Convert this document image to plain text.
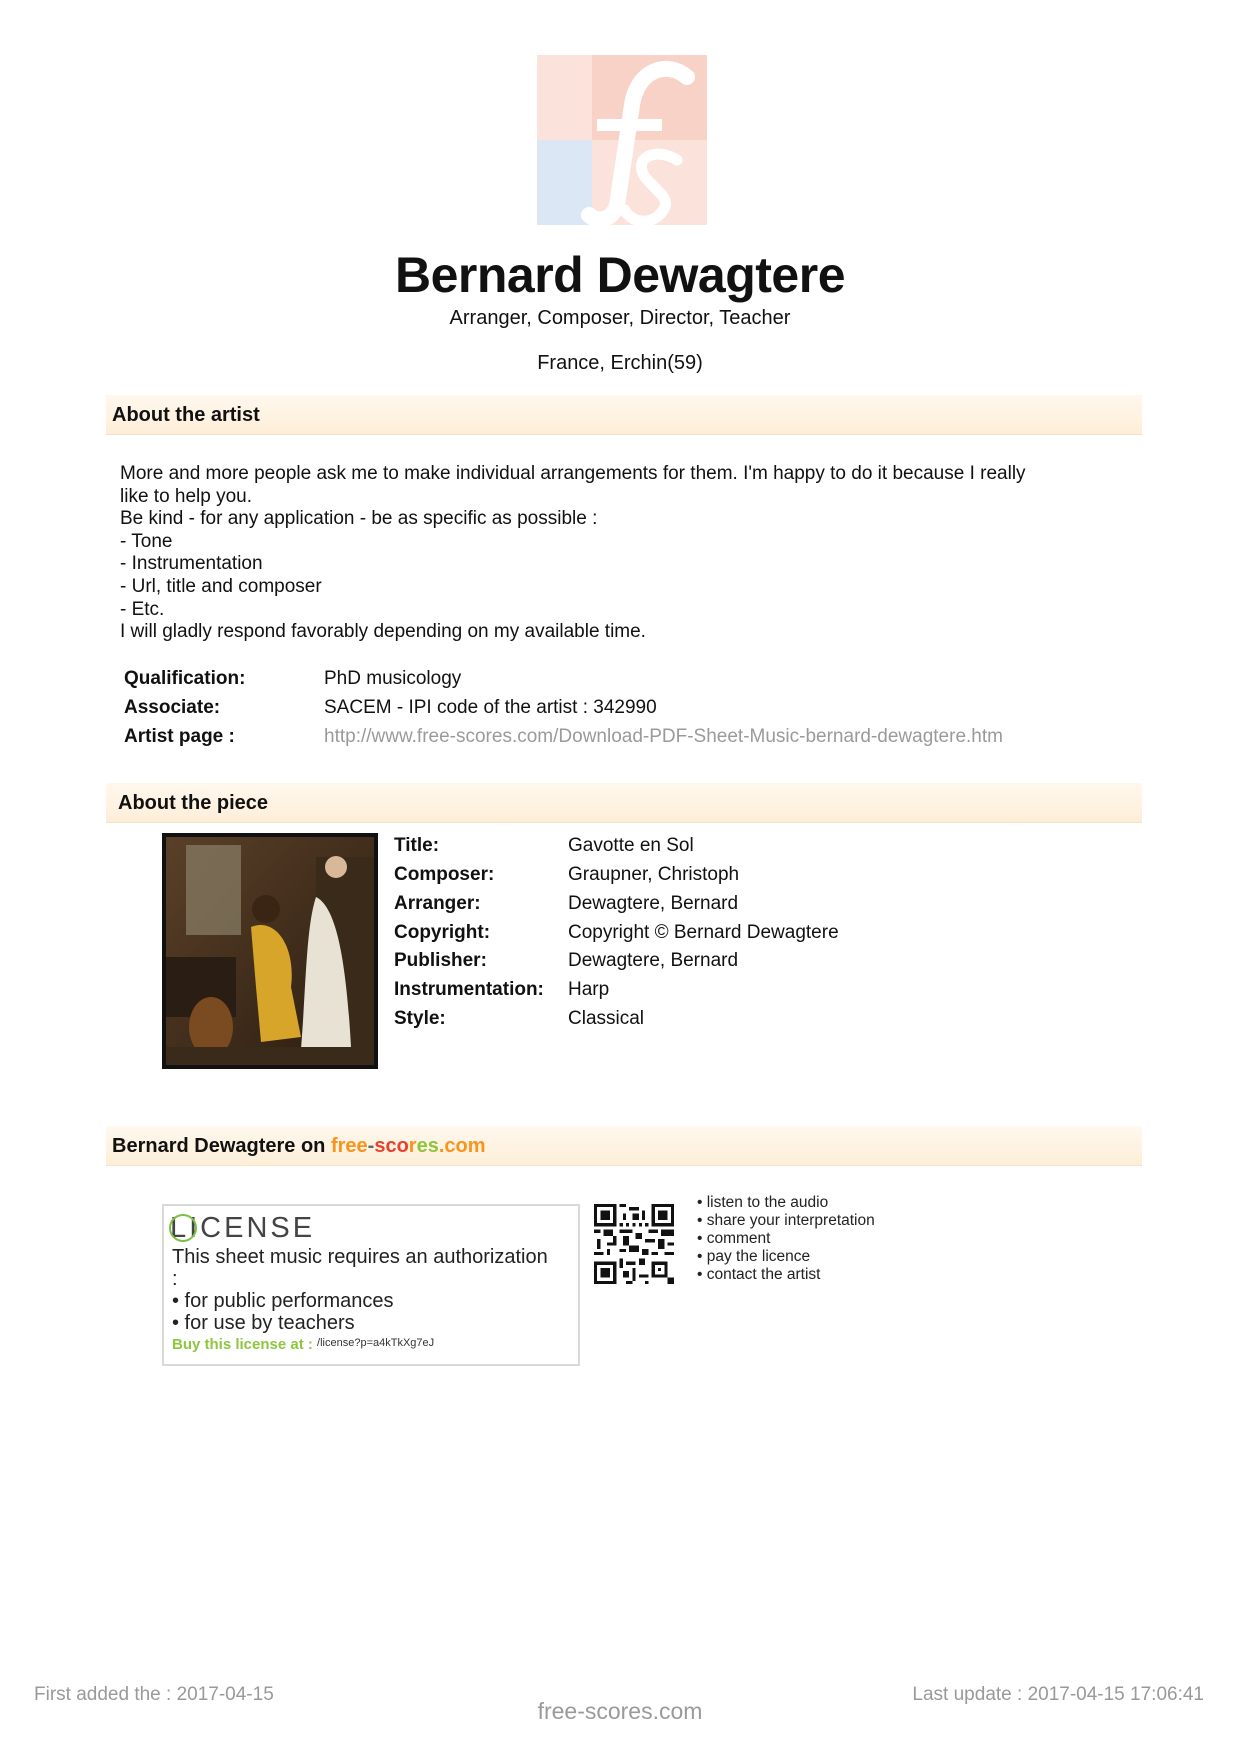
Bernard Dewagtere
Arranger, Composer, Director, Teacher
France, Erchin(59)
About the artist
More and more people ask me to make individual arrangements for them. I'm happy to do it because I really
like to help you.
Be kind - for any application - be as specific as possible :
- Tone
- Instrumentation
- Url, title and composer
- Etc.
I will gladly respond favorably depending on my available time.
Qualification:	PhD musicology
Associate:	SACEM - IPI code of the artist : 342990
Artist page :	http://www.free-scores.com/Download-PDF-Sheet-Music-bernard-dewagtere.htm
About the piece
Title:	Gavotte en Sol
Composer:	Graupner, Christoph
Arranger:	Dewagtere, Bernard
Copyright:	Copyright © Bernard Dewagtere
Publisher:	Dewagtere, Bernard
Instrumentation: Harp
Style:	Classical
Bernard Dewagtere on free-scores.com
LICENSE
This sheet music requires an authorization
:
• for public performances
• for use by teachers
Buy this license at : $^{/license?p=a4kTkXg7eJ}$
• listen to the audio
• share your interpretation
• comment
• pay the licence
• contact the artist
First added the : 2017-04-15	Last update : 2017-04-15 17:06:41
free-scores.com
